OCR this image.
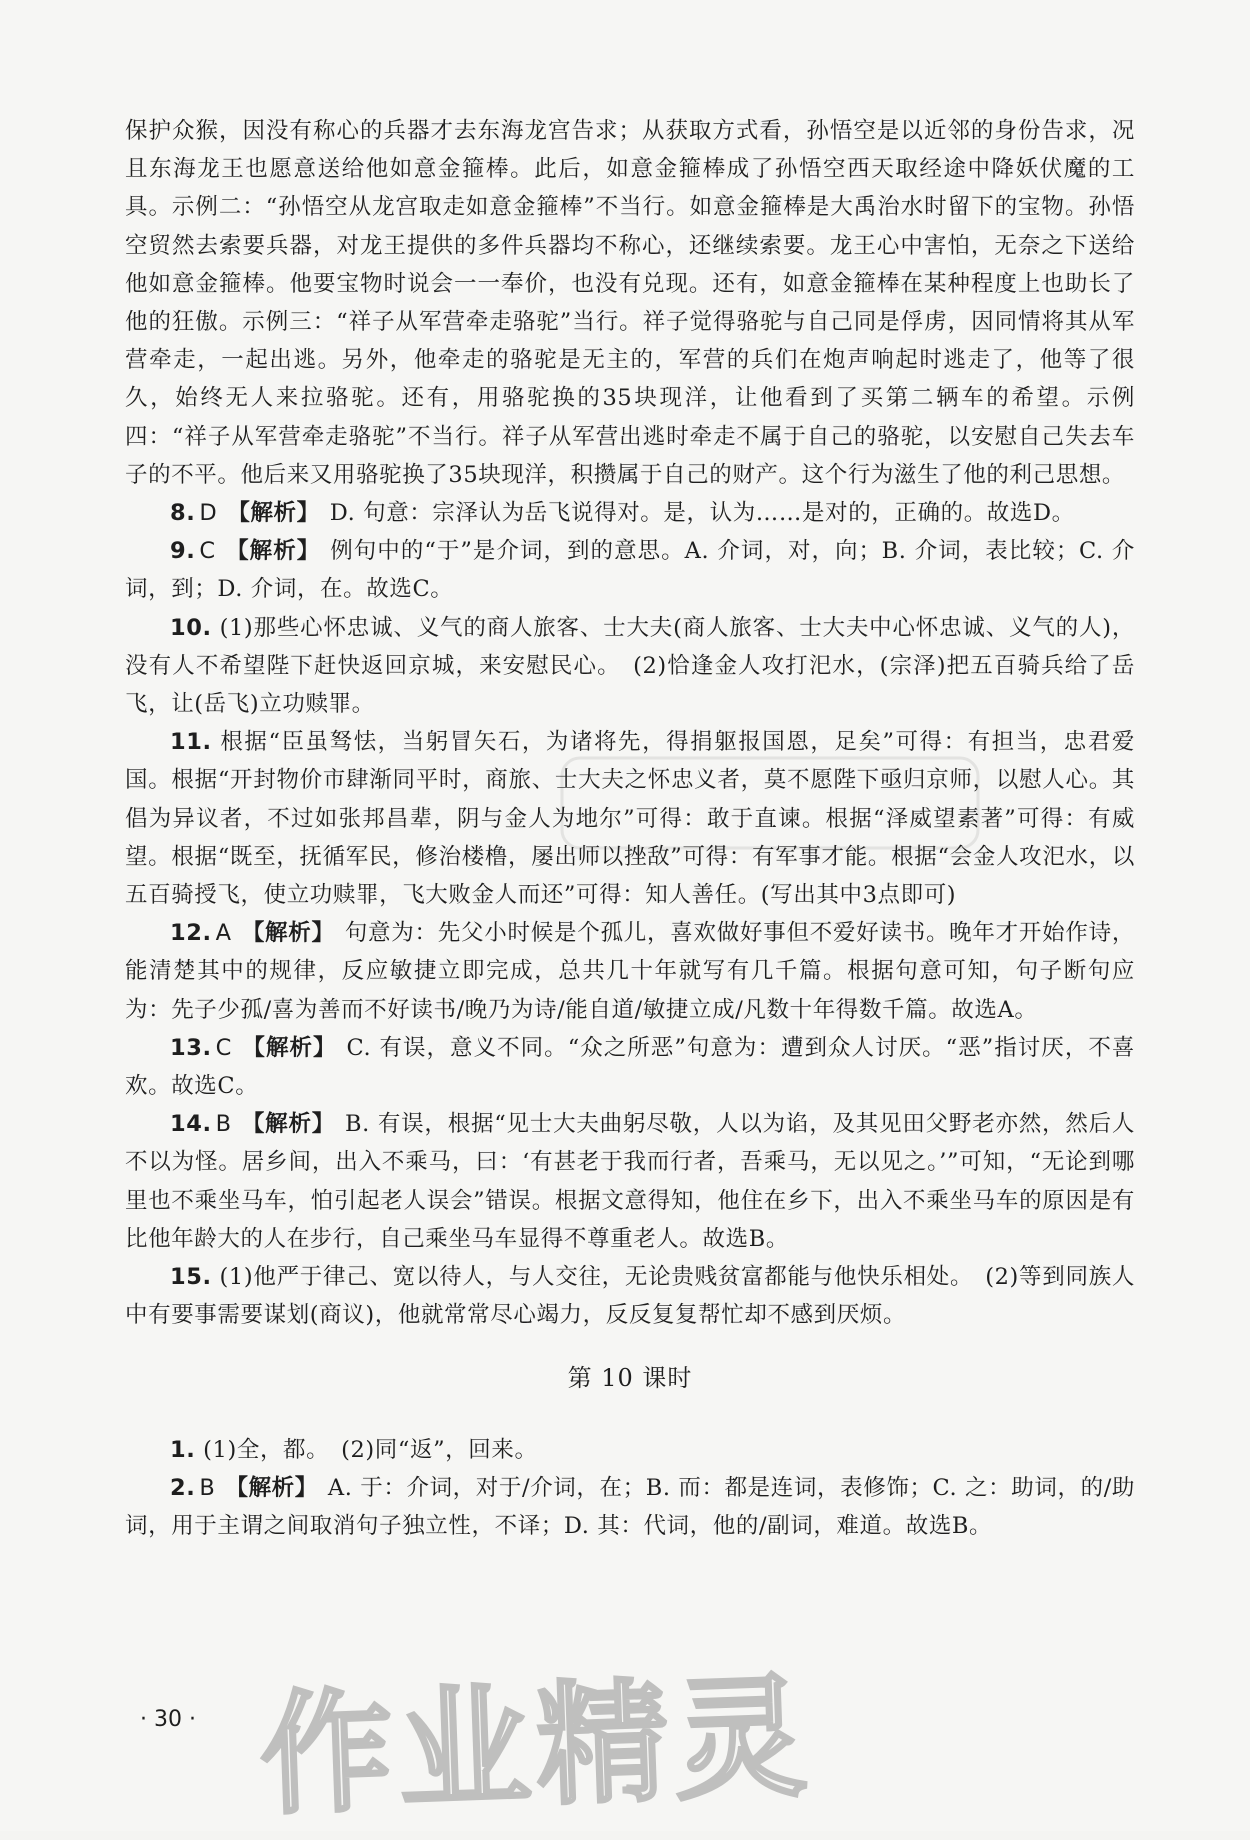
保护众猴，因没有称心的兵器才去东海龙宫告求；从获取方式看，孙悟空是以近邻的身份告求，况且东海龙王也愿意送给他如意金箍棒。此后，如意金箍棒成了孙悟空西天取经途中降妖伏魔的工具。示例二：“孙悟空从龙宫取走如意金箍棒”不当行。如意金箍棒是大禹治水时留下的宝物。孙悟空贸然去索要兵器，对龙王提供的多件兵器均不称心，还继续索要。龙王心中害怕，无奈之下送给他如意金箍棒。他要宝物时说会一一奉价，也没有兑现。还有，如意金箍棒在某种程度上也助长了他的狂傲。示例三：“祥子从军营牵走骆驼”当行。祥子觉得骆驼与自己同是俘虏，因同情将其从军营牵走，一起出逃。另外，他牵走的骆驼是无主的，军营的兵们在炮声响起时逃走了，他等了很久，始终无人来拉骆驼。还有，用骆驼换的35块现洋，让他看到了买第二辆车的希望。示例四：“祥子从军营牵走骆驼”不当行。祥子从军营出逃时牵走不属于自己的骆驼，以安慰自己失去车子的不平。他后来又用骆驼换了35块现洋，积攒属于自己的财产。这个行为滋生了他的利己思想。

8. D 【解析】 D. 句意：宗泽认为岳飞说得对。是，认为……是对的，正确的。故选D。

9. C 【解析】 例句中的“于”是介词，到的意思。A. 介词，对，向；B. 介词，表比较；C. 介词，到；D. 介词，在。故选C。

10. (1)那些心怀忠诚、义气的商人旅客、士大夫(商人旅客、士大夫中心怀忠诚、义气的人)，没有人不希望陛下赶快返回京城，来安慰民心。　(2)恰逢金人攻打汜水，(宗泽)把五百骑兵给了岳飞，让(岳飞)立功赎罪。

11. 根据“臣虽驽怯，当躬冒矢石，为诸将先，得捐躯报国恩，足矣”可得：有担当，忠君爱国。根据“开封物价市肆渐同平时，商旅、士大夫之怀忠义者，莫不愿陛下亟归京师，以慰人心。其倡为异议者，不过如张邦昌辈，阴与金人为地尔”可得：敢于直谏。根据“泽威望素著”可得：有威望。根据“既至，抚循军民，修治楼橹，屡出师以挫敌”可得：有军事才能。根据“会金人攻汜水，以五百骑授飞，使立功赎罪，飞大败金人而还”可得：知人善任。(写出其中3点即可)

12. A 【解析】 句意为：先父小时候是个孤儿，喜欢做好事但不爱好读书。晚年才开始作诗，能清楚其中的规律，反应敏捷立即完成，总共几十年就写有几千篇。根据句意可知，句子断句应为：先子少孤/喜为善而不好读书/晚乃为诗/能自道/敏捷立成/凡数十年得数千篇。故选A。

13. C 【解析】 C. 有误，意义不同。“众之所恶”句意为：遭到众人讨厌。“恶”指讨厌，不喜欢。故选C。

14. B 【解析】 B. 有误，根据“见士大夫曲躬尽敬，人以为谄，及其见田父野老亦然，然后人不以为怪。居乡间，出入不乘马，曰：‘有甚老于我而行者，吾乘马，无以见之。’”可知，“无论到哪里也不乘坐马车，怕引起老人误会”错误。根据文意得知，他住在乡下，出入不乘坐马车的原因是有比他年龄大的人在步行，自己乘坐马车显得不尊重老人。故选B。

15. (1)他严于律己、宽以待人，与人交往，无论贵贱贫富都能与他快乐相处。　(2)等到同族人中有要事需要谋划(商议)，他就常常尽心竭力，反反复复帮忙却不感到厌烦。

第 10 课时

1. (1)全，都。　(2)同“返”，回来。

2. B 【解析】 A. 于：介词，对于/介词，在；B. 而：都是连词，表修饰；C. 之：助词，的/助词，用于主谓之间取消句子独立性，不译；D. 其：代词，他的/副词，难道。故选B。

· 30 · 作业精灵
